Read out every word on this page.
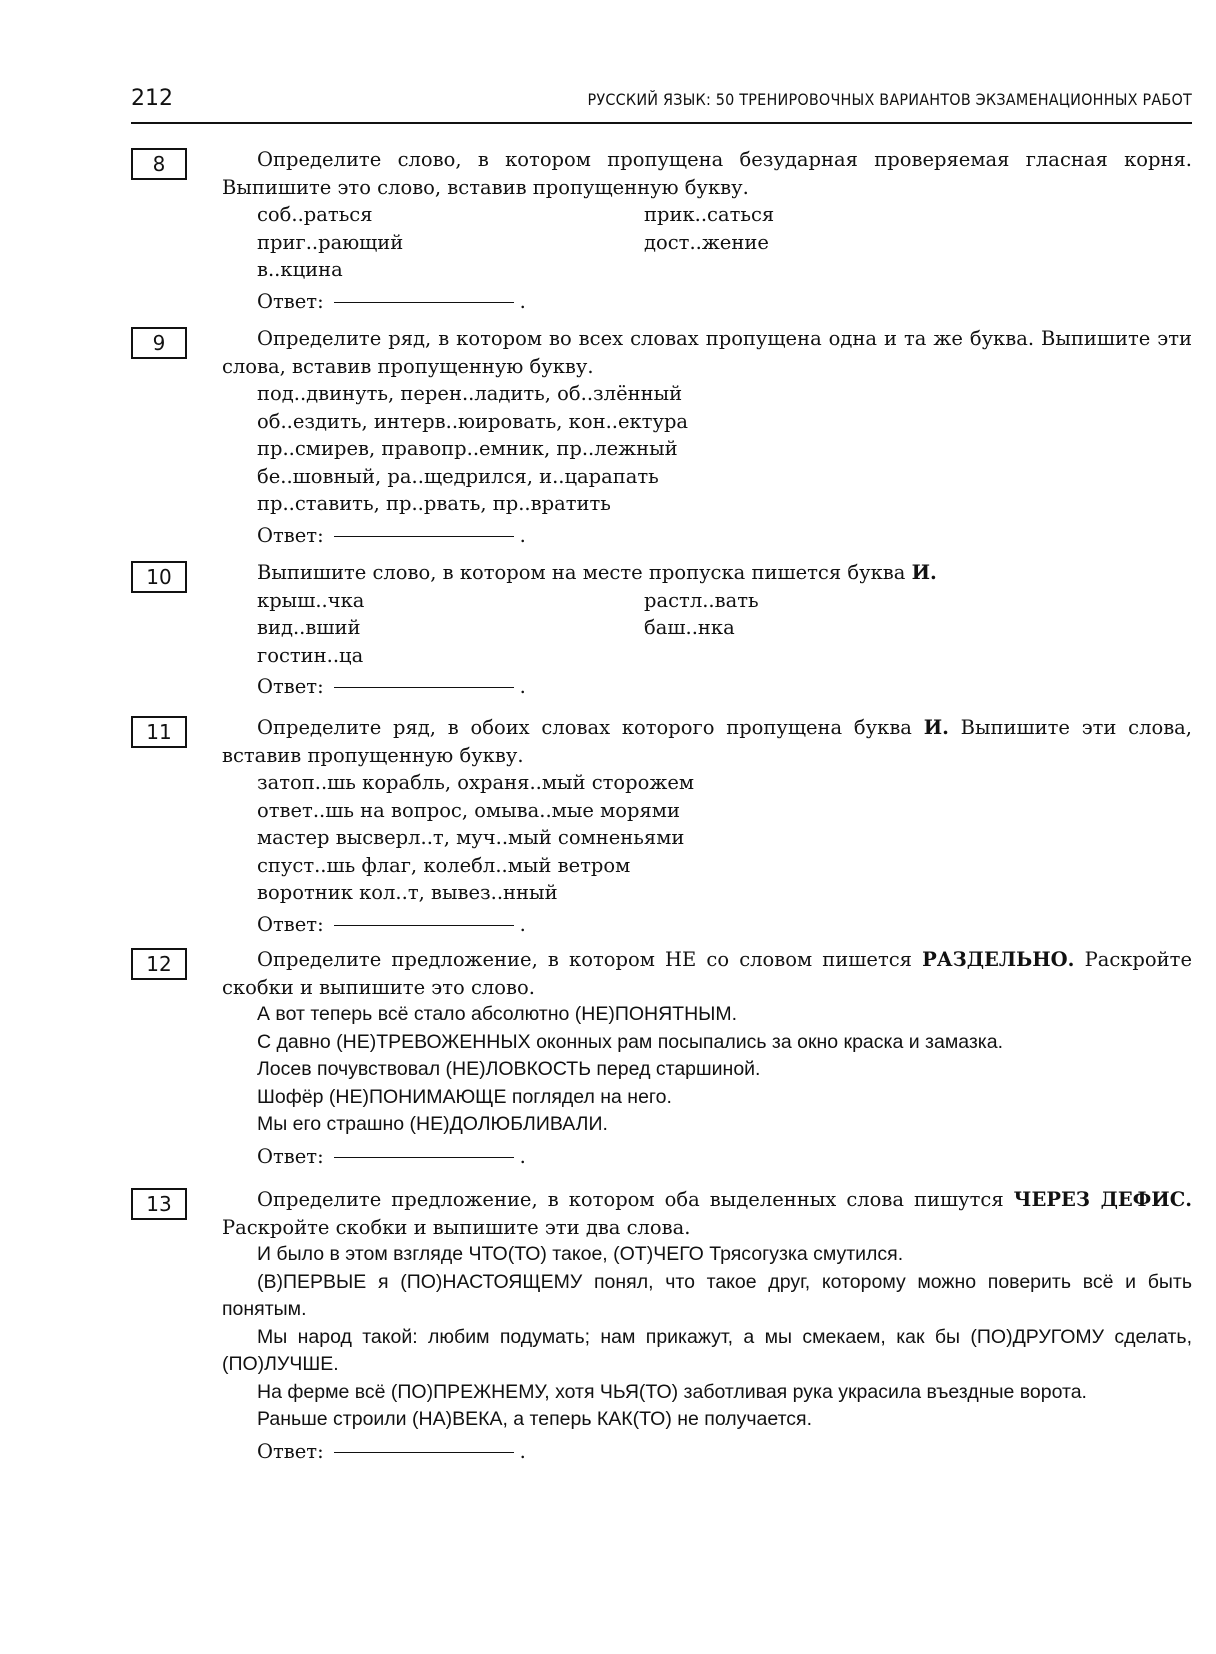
212	РУССКИЙ ЯЗЫК: 50 ТРЕНИРОВОЧНЫХ ВАРИАНТОВ ЭКЗАМЕНАЦИОННЫХ РАБОТ
8	Определите слово, в котором пропущена безударная проверяемая гласная корня. Выпишите это слово, вставив пропущенную букву.

соб..раться	прик..саться
приг..рающий	дост..жение
в..кцина
Ответ:	.
9	Определите ряд, в котором во всех словах пропущена одна и та же буква. Выпишите эти слова, вставив пропущенную букву.

под..двинуть, перен..ладить, об..злённый

об..ездить, интерв..юировать, кон..ектура

пр..смирев, правопр..емник, пр..лежный

бе..шовный, ра..щедрился, и..царапать

пр..ставить, пр..рвать, пр..вратить

Ответ:	.
10	Выпишите слово, в котором на месте пропуска пишется буква И.

крыш..чка	растл..вать
вид..вший	баш..нка
гостин..ца
Ответ:	.
11	Определите ряд, в обоих словах которого пропущена буква И. Выпишите эти слова, вставив пропущенную букву.

затоп..шь корабль, охраня..мый сторожем

ответ..шь на вопрос, омыва..мые морями

мастер высверл..т, муч..мый сомненьями

спуст..шь флаг, колебл..мый ветром

воротник кол..т, вывез..нный

Ответ:	.
12	Определите предложение, в котором НЕ со словом пишется РАЗДЕЛЬНО. Раскройте скобки и выпишите это слово.

А вот теперь всё стало абсолютно (НЕ)ПОНЯТНЫМ.

С давно (НЕ)ТРЕВОЖЕННЫХ оконных рам посыпались за окно краска и замазка.

Лосев почувствовал (НЕ)ЛОВКОСТЬ перед старшиной.

Шофёр (НЕ)ПОНИМАЮЩЕ поглядел на него.

Мы его страшно (НЕ)ДОЛЮБЛИВАЛИ.

Ответ:	.
13	Определите предложение, в котором оба выделенных слова пишутся ЧЕРЕЗ ДЕФИС. Раскройте скобки и выпишите эти два слова.

И было в этом взгляде ЧТО(ТО) такое, (ОТ)ЧЕГО Трясогузка смутился.

(В)ПЕРВЫЕ я (ПО)НАСТОЯЩЕМУ понял, что такое друг, которому можно поверить всё и быть понятым.

Мы народ такой: любим подумать; нам прикажут, а мы смекаем, как бы (ПО)ДРУГОМУ сделать, (ПО)ЛУЧШЕ.

На ферме всё (ПО)ПРЕЖНЕМУ, хотя ЧЬЯ(ТО) заботливая рука украсила въездные ворота.

Раньше строили (НА)ВЕКА, а теперь КАК(ТО) не получается.

Ответ:	.
